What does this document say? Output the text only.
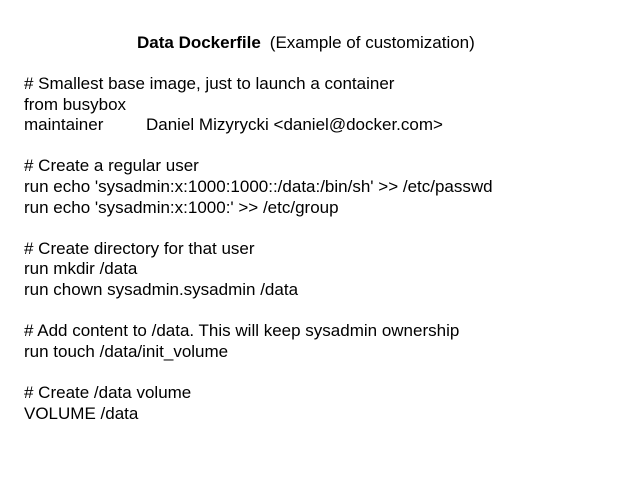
Data Dockerfile (Example of customization)
# Smallest base image, just to launch a container
from busybox
maintainer	Daniel Mizyrycki <daniel@docker.com>
# Create a regular user
run echo 'sysadmin:x:1000:1000::/data:/bin/sh' >> /etc/passwd
run echo 'sysadmin:x:1000:' >> /etc/group
# Create directory for that user
run mkdir /data
run chown sysadmin.sysadmin /data
# Add content to /data. This will keep sysadmin ownership
run touch /data/init_volume
# Create /data volume
VOLUME /data
